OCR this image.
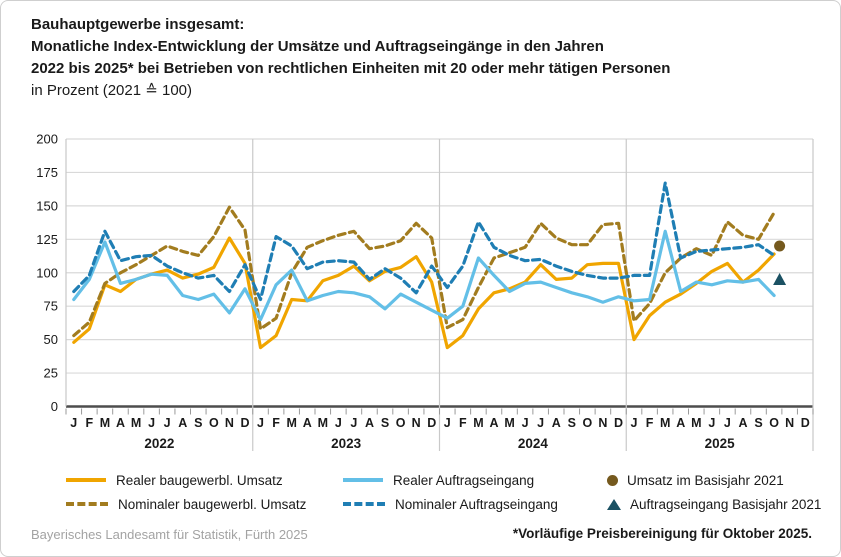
Bauhauptgewerbe insgesamt:
Monatliche Index-Entwicklung der Umsätze und Auftragseingänge in den Jahren
2022 bis 2025* bei Betrieben von rechtlichen Einheiten mit 20 oder mehr tätigen Personen
in Prozent (2021 ≙ 100)
0
25
50
75
100
125
150
175
200
J F M A M J J A S O N D
2022
J F M A M J J A S O N D
2023
J F M A M J J A S O N D
2024
J F M A M J J A S O N D
2025
Realer baugewerbl. Umsatz
Nominaler baugewerbl. Umsatz
Realer Auftragseingang
Nominaler Auftragseingang
Umsatz im Basisjahr 2021
Auftragseingang Basisjahr 2021
Bayerisches Landesamt für Statistik, Fürth 2025	*Vorläufige Preisbereinigung für Oktober 2025.
